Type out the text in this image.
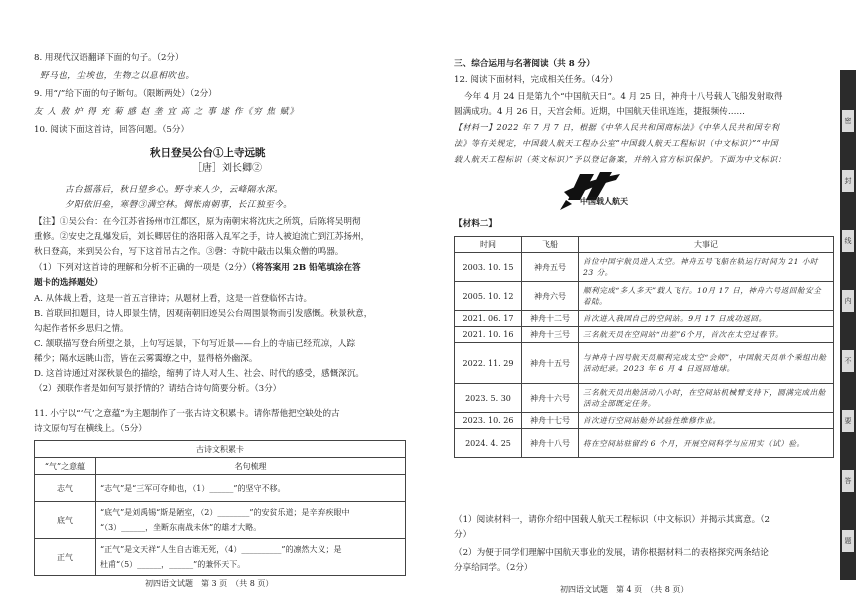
8. 用现代汉语翻译下面的句子。（2分）
野马也，尘埃也，生物之以息相吹也。
9. 用“/”给下面的句子断句。（限断两处）（2分）
友 人 敖 炉 得 充 菊 感 赵 垄 宜 高 之 事 遂 作《穷 焦 赋》
10. 阅读下面这首诗，回答问题。（5分）
秋日登吴公台①上寺远眺
［唐］刘长卿②
古台摇落后，秋日望乡心。野寺来人少，云峰隔水深。
夕阳依旧垒，寒磬③满空林。惆怅南朝事，长江独至今。
【注】①吴公台：在今江苏省扬州市江都区，原为南朝宋将沈庆之所筑，后陈将吴明彻
重修。②安史之乱爆发后，刘长卿居住的洛阳落入乱军之手，诗人被迫流亡到江苏扬州，
秋日登高，来到吴公台，写下这首吊古之作。③磬：寺院中敲击以集众僧的鸣器。
（1）下列对这首诗的理解和分析不正确的一项是（2分）（将答案用 2B 铅笔填涂在答
题卡的选择题处）
A. 从体裁上看，这是一首五言律诗；从题材上看，这是一首登临怀古诗。
B. 首联回扣题目，诗人即景生情，因观南朝旧迹吴公台周围景物而引发感慨。秋景秋意，
勾起作者怀乡思归之情。
C. 颔联描写登台所望之景，上句写远景，下句写近景——台上的寺庙已经荒凉，人踪
稀少；隔水远眺山峦，皆在云雾霭缭之中，显得格外幽深。
D. 这首诗通过对深秋景色的描绘，缩骋了诗人对人生、社会、时代的感受，感慨深沉。
（2）颈联作者是如何写景抒情的？请结合诗句简要分析。（3分）
11. 小宁以“‘气’之意蕴”为主题制作了一张古诗文积累卡。请你帮他把空缺处的古
诗文原句写在横线上。（5分）
古诗文积累卡	
“气”之意蕴	名句梳理
志气	“志气”是“三军可夺帅也，（1）______”的坚守不移。

底气	“底气”是刘禹锡“斯是陋室，（2）________”的安贫乐道；是辛弃疾眼中
“（3）______，坐断东南战未休”的雄才大略。

正气	“正气”是文天祥“人生自古谁无死，（4）__________”的凛然大义；是
杜甫“（5）______，______”的兼怀天下。
初四语文试题　第 3 页　（共 8 页）
三、综合运用与名著阅读（共 8 分）
12. 阅读下面材料，完成相关任务。（4分）
今年 4 月 24 日是第九个“中国航天日”。4 月 25 日，神舟十八号载人飞船发射取得
圆满成功。4 月 26 日，天宫会师。近期，中国航天佳讯连连，捷报频传……
【材料一】2022 年 7 月 7 日，根据《中华人民共和国商标法》《中华人民共和国专利
法》等有关规定，中国载人航天工程办公室“中国载人航天工程标识（中文标识）”“中国
载人航天工程标识（英文标识）”予以登记备案，并纳入官方标识保护。下面为中文标识：
中国载人航天
【材料二】
时间	飞船	大事记
2003. 10. 15	神舟五号	首位中国宇航员进入太空。神舟五号飞船在轨运行时间为 21 小时 23 分。
2005. 10. 12	神舟六号	顺利完成“多人多天”载人飞行。10月 17 日，神舟六号返回舱安全着陆。
2021. 06. 17	神舟十二号	首次进入我国自己的空间站。9月 17 日成功返回。
2021. 10. 16	神舟十三号	三名航天员在空间站“出差”6个月，首次在太空过春节。
2022. 11. 29	神舟十五号	与神舟十四号航天员顺利完成太空“会师”，中国航天员单个乘组出舱活动纪录。2023 年 6 月 4 日返回地球。
2023. 5. 30	神舟十六号	三名航天员出舱活动八小时，在空间站机械臂支持下，圆满完成出舱活动全部既定任务。
2023. 10. 26	神舟十七号	首次进行空间站舱外试验性维修作业。
2024. 4. 25	神舟十八号	将在空间站驻留约 6 个月，开展空间科学与应用实（试）验。
（1）阅读材料一，请你介绍中国载人航天工程标识（中文标识）并揭示其寓意。（2
分）
（2）为便于同学们理解中国航天事业的发展，请你根据材料二的表格探究两条结论
分享给同学。（2分）
初四语文试题　第 4 页　（共 8 页）
密
封
线
内
不
要
答
题
